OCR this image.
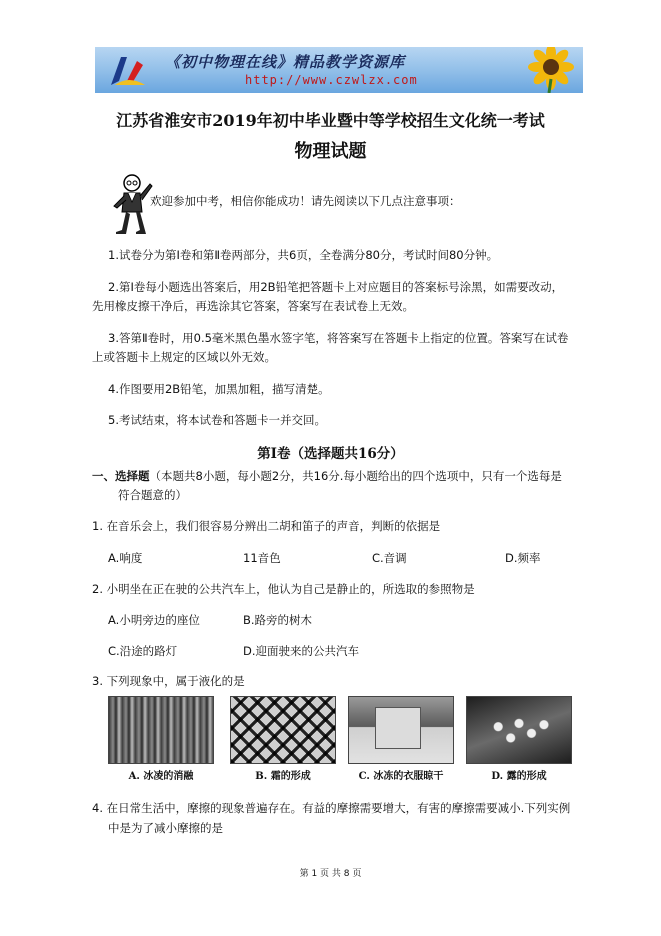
《初中物理在线》精品教学资源库
http://www.czwlzx.com
江苏省淮安市2019年初中毕业暨中等学校招生文化统一考试
物理试题
欢迎参加中考，相信你能成功！请先阅读以下几点注意事项：
1.试卷分为第Ⅰ卷和第Ⅱ卷两部分，共6页，全卷满分80分，考试时间80分钟。
2.第Ⅰ卷每小题选出答案后，用2B铅笔把答题卡上对应题目的答案标号涂黑，如需要改动，
先用橡皮擦干净后，再选涂其它答案，答案写在表试卷上无效。
3.答第Ⅱ卷时，用0.5毫米黑色墨水签字笔，将答案写在答题卡上指定的位置。答案写在试卷
上或答题卡上规定的区域以外无效。
4.作图要用2B铅笔，加黑加粗，描写清楚。
5.考试结束，将本试卷和答题卡一并交回。
第Ⅰ卷（选择题共16分）
一、选择题（本题共8小题，每小题2分，共16分.每小题给出的四个选项中，只有一个选每是
符合题意的）
1. 在音乐会上，我们很容易分辨出二胡和笛子的声音，判断的依据是
A.响度	11音色	C.音调	D.频率
2. 小明坐在正在驶的公共汽车上，他认为自己是静止的，所选取的参照物是
A.小明旁边的座位	B.路旁的树木
C.沿途的路灯	D.迎面驶来的公共汽车
3. 下列现象中，属于液化的是
A. 冰凌的消融	B. 霜的形成	C. 冰冻的衣服晾干	D. 露的形成
4. 在日常生活中，摩擦的现象普遍存在。有益的摩擦需要增大，有害的摩擦需要减小.下列实例
中是为了减小摩擦的是
第 1 页 共 8 页
